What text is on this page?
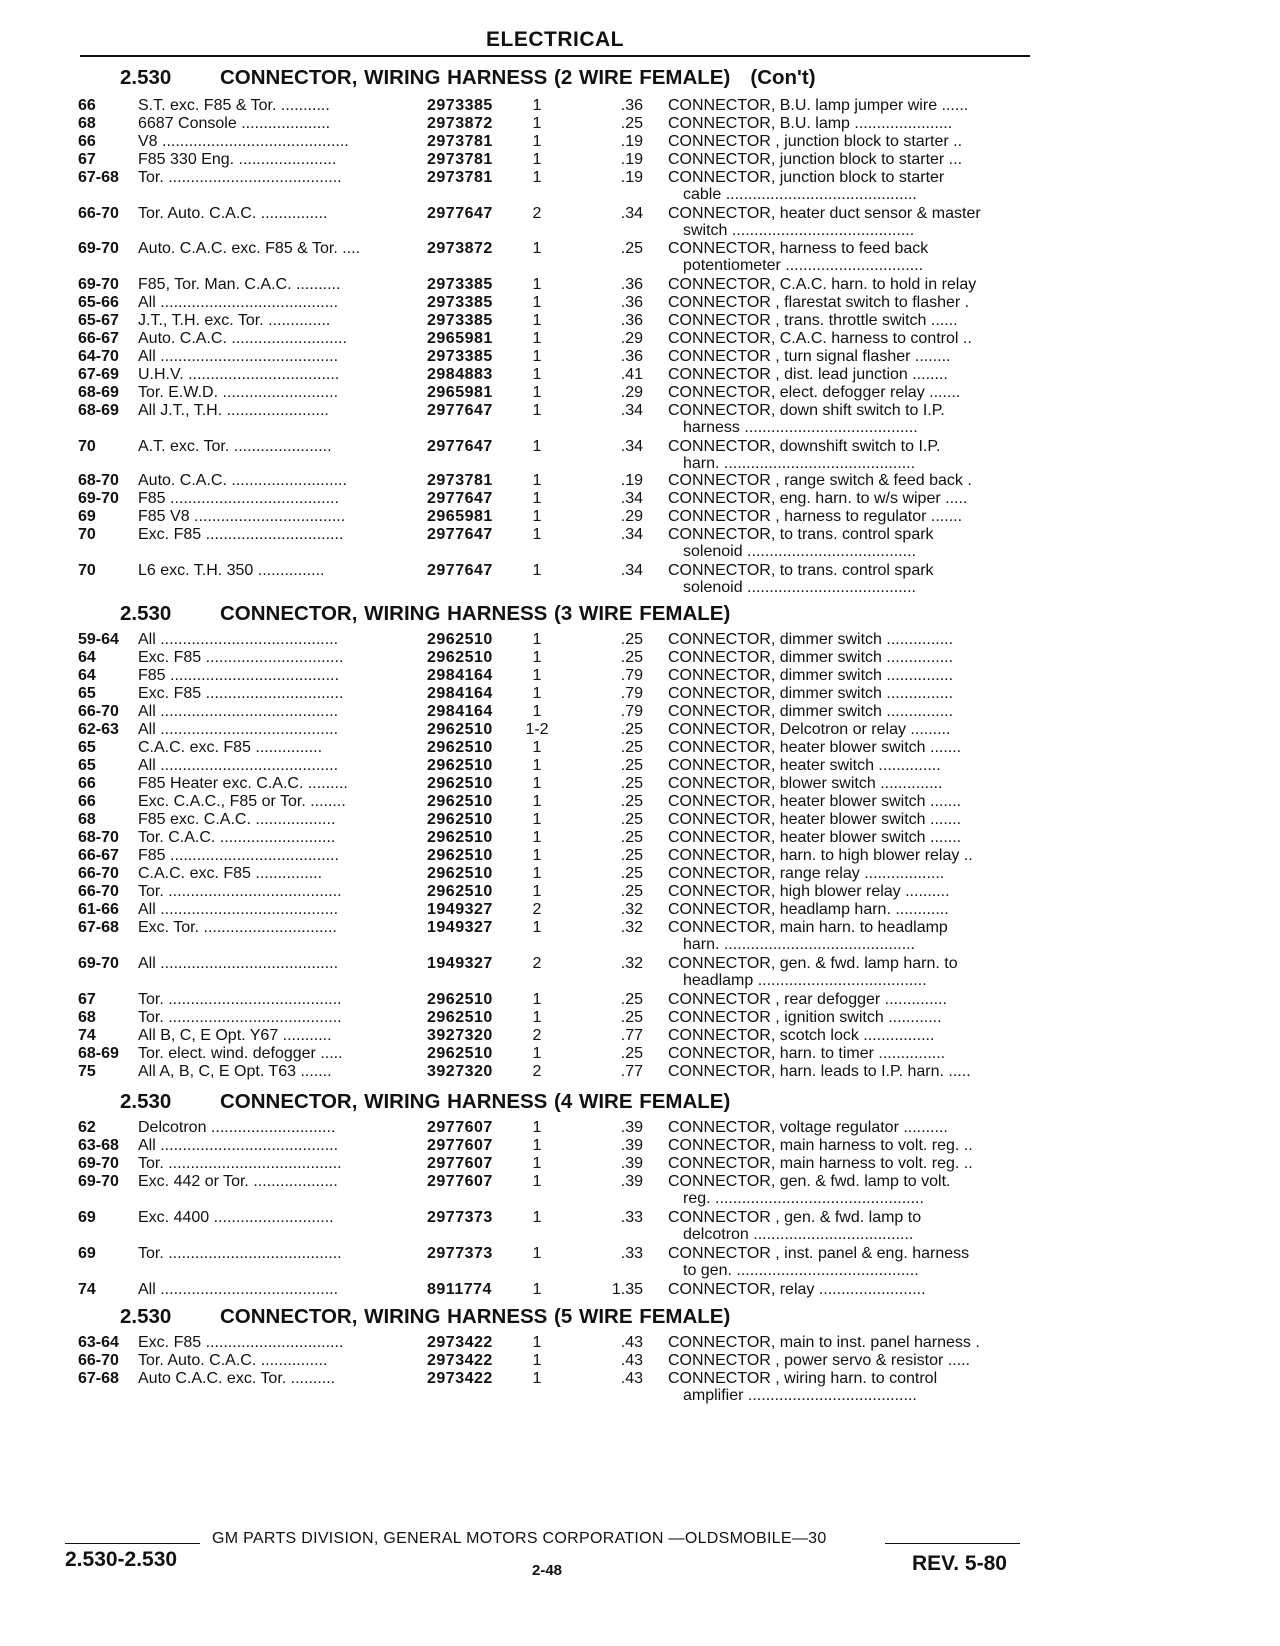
ELECTRICAL
2.530 CONNECTOR, WIRING HARNESS (2 WIRE FEMALE)   (Con't)
66	S.T. exc. F85 & Tor. ...........	2973385	1	.36 CONNECTOR, B.U. lamp jumper wire ......
68	6687 Console ....................	2973872	1	.25 CONNECTOR, B.U. lamp ......................
66	V8 ..........................................	2973781	1	.19 CONNECTOR , junction block to starter ..
67	F85 330 Eng. ......................	2973781	1	.19 CONNECTOR, junction block to starter ...
67-68 Tor. .......................................	2973781	1	.19 CONNECTOR, junction block to starter
cable ...........................................
66-70 Tor. Auto. C.A.C. ...............	2977647	2	.34 CONNECTOR, heater duct sensor & master
switch .........................................
69-70 Auto. C.A.C. exc. F85 & Tor. ....	2973872	1	.25 CONNECTOR, harness to feed back
potentiometer ...............................
69-70 F85, Tor. Man. C.A.C. ..........	2973385	1	.36 CONNECTOR, C.A.C. harn. to hold in relay
65-66 All ........................................	2973385	1	.36 CONNECTOR , flarestat switch to flasher .
65-67 J.T., T.H. exc. Tor. ..............	2973385	1	.36 CONNECTOR , trans. throttle switch ......
66-67 Auto. C.A.C. ..........................	2965981	1	.29 CONNECTOR, C.A.C. harness to control ..
64-70 All ........................................	2973385	1	.36 CONNECTOR , turn signal flasher ........
67-69 U.H.V. ..................................	2984883	1	.41 CONNECTOR , dist. lead junction ........
68-69 Tor. E.W.D. ..........................	2965981	1	.29 CONNECTOR, elect. defogger relay .......
68-69 All J.T., T.H. .......................	2977647	1	.34 CONNECTOR, down shift switch to I.P.
harness .......................................
70	A.T. exc. Tor. ......................	2977647	1	.34 CONNECTOR, downshift switch to I.P.
harn. ...........................................
68-70 Auto. C.A.C. ..........................	2973781	1	.19 CONNECTOR , range switch & feed back .
69-70 F85 ......................................	2977647	1	.34 CONNECTOR, eng. harn. to w/s wiper .....
69	F85 V8 ..................................	2965981	1	.29 CONNECTOR , harness to regulator .......
70	Exc. F85 ...............................	2977647	1	.34 CONNECTOR, to trans. control spark
solenoid ......................................
70	L6 exc. T.H. 350 ...............	2977647	1	.34 CONNECTOR, to trans. control spark
solenoid ......................................
2.530 CONNECTOR, WIRING HARNESS (3 WIRE FEMALE)
59-64 All ........................................	2962510	1	.25 CONNECTOR, dimmer switch ...............
64	Exc. F85 ...............................	2962510	1	.25 CONNECTOR, dimmer switch ...............
64	F85 ......................................	2984164	1	.79 CONNECTOR, dimmer switch ...............
65	Exc. F85 ...............................	2984164	1	.79 CONNECTOR, dimmer switch ...............
66-70 All ........................................	2984164	1	.79 CONNECTOR, dimmer switch ...............
62-63 All ........................................	2962510	1-2	.25 CONNECTOR, Delcotron or relay .........
65	C.A.C. exc. F85 ...............	2962510	1	.25 CONNECTOR, heater blower switch .......
65	All ........................................	2962510	1	.25 CONNECTOR, heater switch ..............
66	F85 Heater exc. C.A.C. .........	2962510	1	.25 CONNECTOR, blower switch ..............
66	Exc. C.A.C., F85 or Tor. ........	2962510	1	.25 CONNECTOR, heater blower switch .......
68	F85 exc. C.A.C. ..................	2962510	1	.25 CONNECTOR, heater blower switch .......
68-70 Tor. C.A.C. ..........................	2962510	1	.25 CONNECTOR, heater blower switch .......
66-67 F85 ......................................	2962510	1	.25 CONNECTOR, harn. to high blower relay ..
66-70 C.A.C. exc. F85 ...............	2962510	1	.25 CONNECTOR, range relay ..................
66-70 Tor. .......................................	2962510	1	.25 CONNECTOR, high blower relay ..........
61-66 All ........................................	1949327	2	.32 CONNECTOR, headlamp harn. ............
67-68 Exc. Tor. ..............................	1949327	1	.32 CONNECTOR, main harn. to headlamp
harn. ...........................................
69-70 All ........................................	1949327	2	.32 CONNECTOR, gen. & fwd. lamp harn. to
headlamp ......................................
67	Tor. .......................................	2962510	1	.25 CONNECTOR , rear defogger ..............
68	Tor. .......................................	2962510	1	.25 CONNECTOR , ignition switch ............
74	All B, C, E Opt. Y67 ...........	3927320	2	.77 CONNECTOR, scotch lock ................
68-69 Tor. elect. wind. defogger .....	2962510	1	.25 CONNECTOR, harn. to timer ...............
75	All A, B, C, E Opt. T63 .......	3927320	2	.77 CONNECTOR, harn. leads to I.P. harn. .....
2.530 CONNECTOR, WIRING HARNESS (4 WIRE FEMALE)
62	Delcotron ............................	2977607	1	.39 CONNECTOR, voltage regulator ..........
63-68 All ........................................	2977607	1	.39 CONNECTOR, main harness to volt. reg. ..
69-70 Tor. .......................................	2977607	1	.39 CONNECTOR, main harness to volt. reg. ..
69-70 Exc. 442 or Tor. ...................	2977607	1	.39 CONNECTOR, gen. & fwd. lamp to volt.
reg. ...............................................
69	Exc. 4400 ...........................	2977373	1	.33 CONNECTOR , gen. & fwd. lamp to
delcotron ....................................
69	Tor. .......................................	2977373	1	.33 CONNECTOR , inst. panel & eng. harness
to gen. .........................................
74	All ........................................	8911774	1	1.35 CONNECTOR, relay ........................
2.530 CONNECTOR, WIRING HARNESS (5 WIRE FEMALE)
63-64 Exc. F85 ...............................	2973422	1	.43 CONNECTOR, main to inst. panel harness .
66-70 Tor. Auto. C.A.C. ...............	2973422	1	.43 CONNECTOR , power servo & resistor .....
67-68 Auto C.A.C. exc. Tor. ..........	2973422	1	.43 CONNECTOR , wiring harn. to control
amplifier ......................................
GM PARTS DIVISION, GENERAL MOTORS CORPORATION —OLDSMOBILE—30
2.530-2.530	2-48	REV. 5-80
